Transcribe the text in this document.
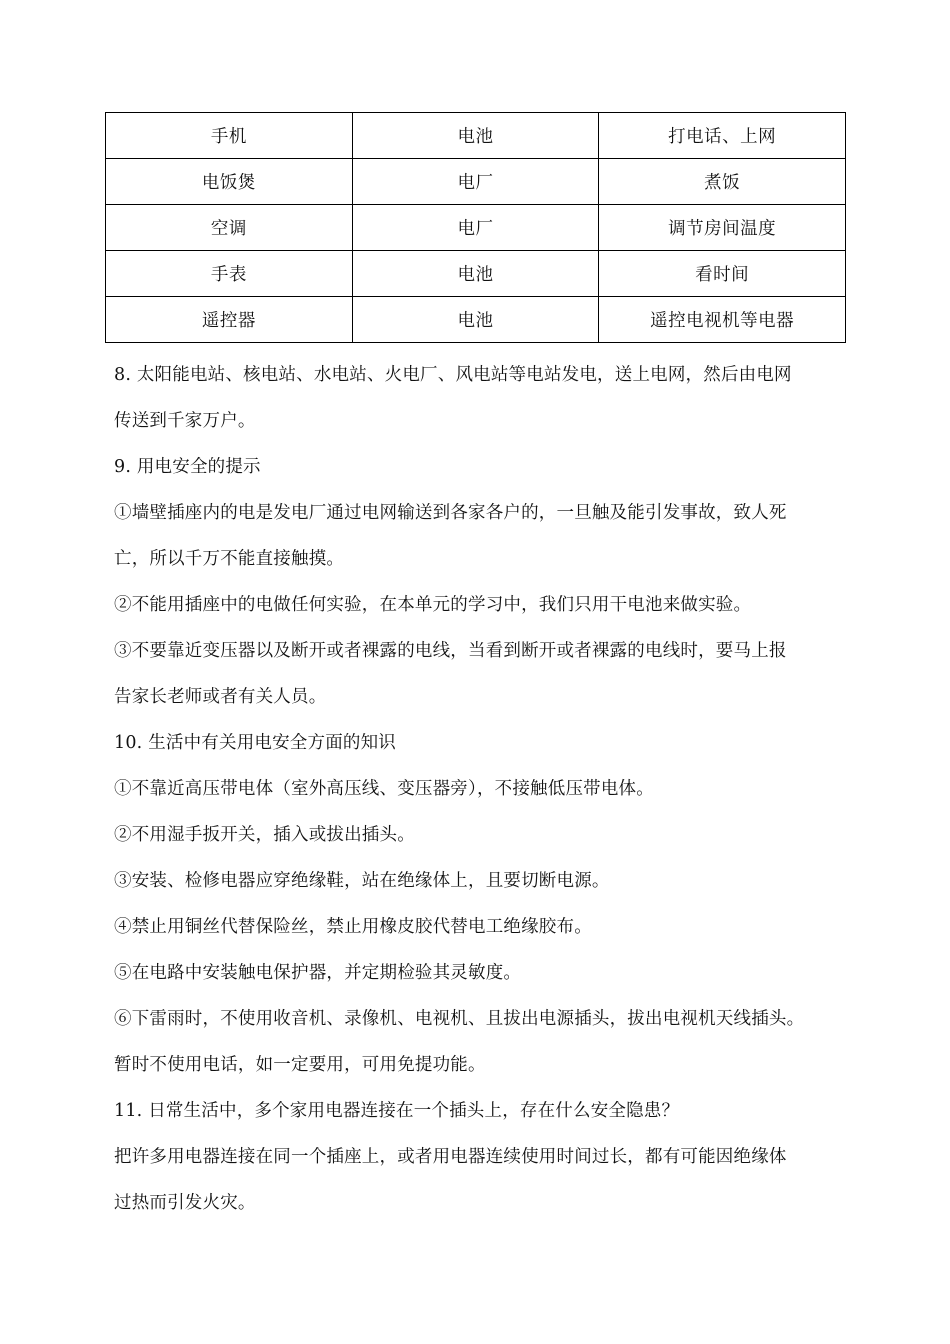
手机	电池	打电话、上网
电饭煲	电厂	煮饭
空调	电厂	调节房间温度
手表	电池	看时间
遥控器	电池	遥控电视机等电器
8. 太阳能电站、核电站、水电站、火电厂、风电站等电站发电，送上电网，然后由电网
传送到千家万户。
9. 用电安全的提示
①墙壁插座内的电是发电厂通过电网输送到各家各户的，一旦触及能引发事故，致人死
亡，所以千万不能直接触摸。
②不能用插座中的电做任何实验，在本单元的学习中，我们只用干电池来做实验。
③不要靠近变压器以及断开或者裸露的电线，当看到断开或者裸露的电线时，要马上报
告家长老师或者有关人员。
10. 生活中有关用电安全方面的知识
①不靠近高压带电体（室外高压线、变压器旁），不接触低压带电体。
②不用湿手扳开关，插入或拔出插头。
③安装、检修电器应穿绝缘鞋，站在绝缘体上，且要切断电源。
④禁止用铜丝代替保险丝，禁止用橡皮胶代替电工绝缘胶布。
⑤在电路中安装触电保护器，并定期检验其灵敏度。
⑥下雷雨时，不使用收音机、录像机、电视机、且拔出电源插头，拔出电视机天线插头。
暂时不使用电话，如一定要用，可用免提功能。
11. 日常生活中，多个家用电器连接在一个插头上，存在什么安全隐患？
把许多用电器连接在同一个插座上，或者用电器连续使用时间过长，都有可能因绝缘体
过热而引发火灾。
